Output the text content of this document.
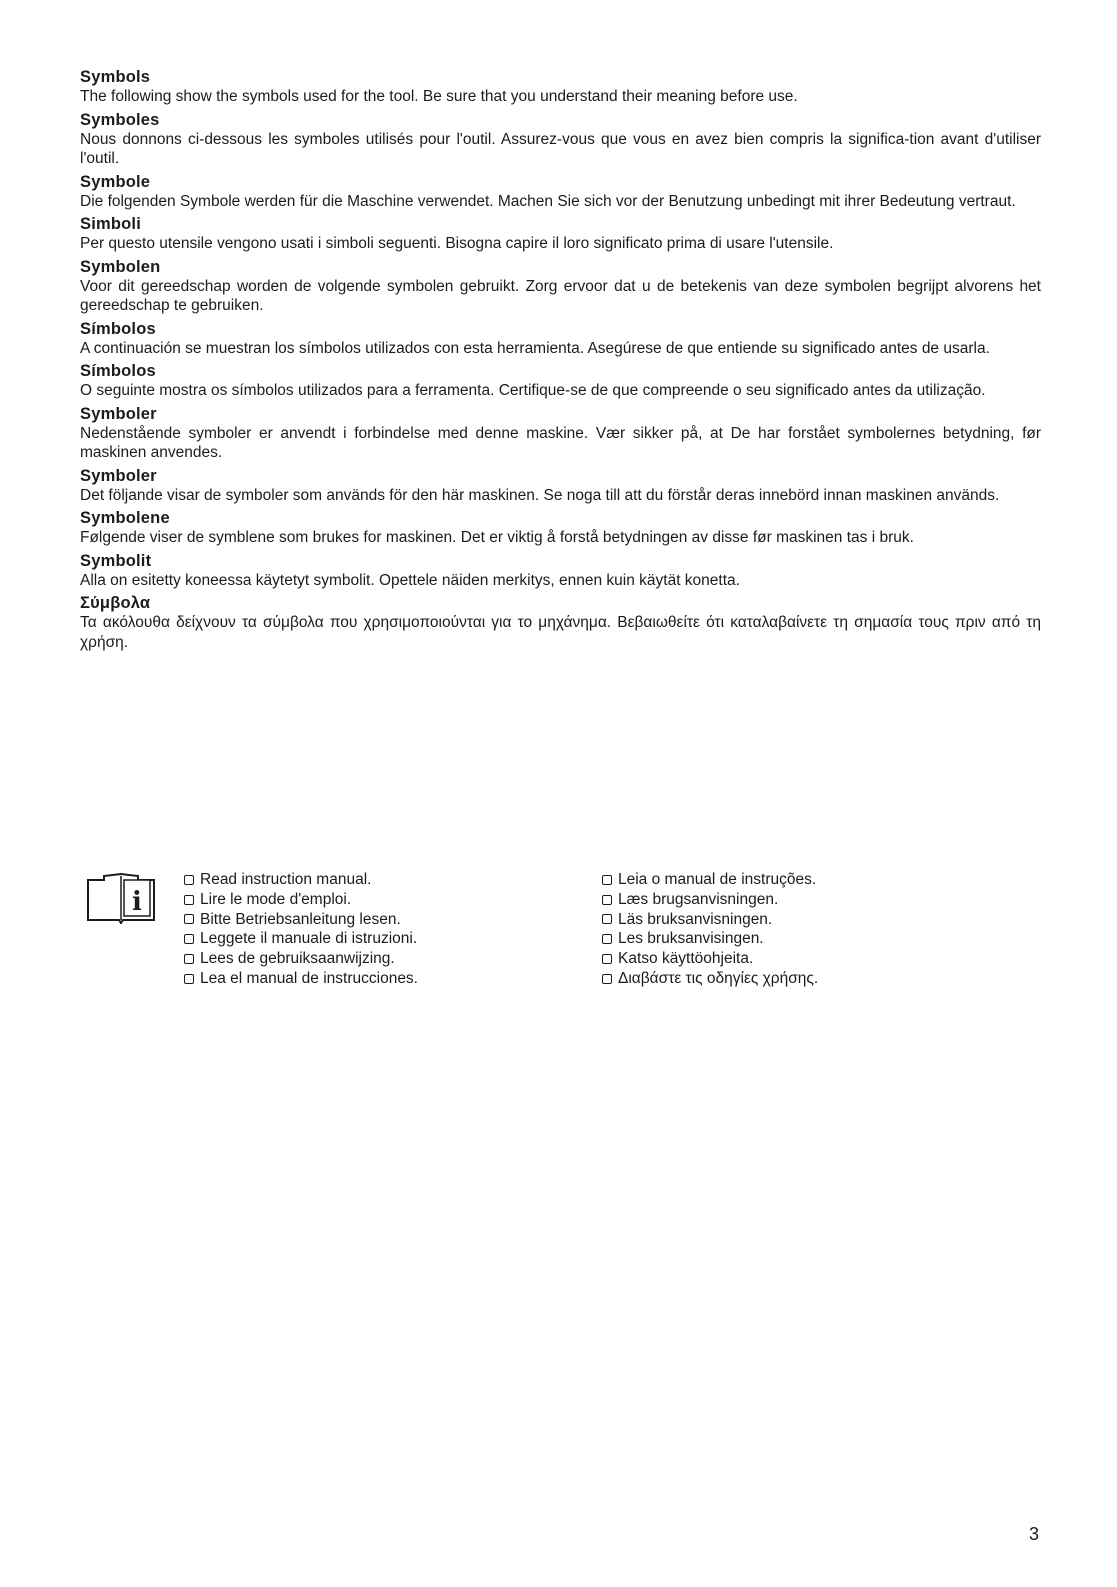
Symbols

The following show the symbols used for the tool. Be sure that you understand their meaning before use.

Symboles

Nous donnons ci-dessous les symboles utilisés pour l'outil. Assurez-vous que vous en avez bien compris la significa-tion avant d'utiliser l'outil.

Symbole

Die folgenden Symbole werden für die Maschine verwendet. Machen Sie sich vor der Benutzung unbedingt mit ihrer Bedeutung vertraut.

Simboli

Per questo utensile vengono usati i simboli seguenti. Bisogna capire il loro significato prima di usare l'utensile.

Symbolen

Voor dit gereedschap worden de volgende symbolen gebruikt. Zorg ervoor dat u de betekenis van deze symbolen begrijpt alvorens het gereedschap te gebruiken.

Símbolos

A continuación se muestran los símbolos utilizados con esta herramienta. Asegúrese de que entiende su significado antes de usarla.

Símbolos

O seguinte mostra os símbolos utilizados para a ferramenta. Certifique-se de que compreende o seu significado antes da utilização.

Symboler

Nedenstående symboler er anvendt i forbindelse med denne maskine. Vær sikker på, at De har forstået symbolernes betydning, før maskinen anvendes.

Symboler

Det följande visar de symboler som används för den här maskinen. Se noga till att du förstår deras innebörd innan maskinen används.

Symbolene

Følgende viser de symblene som brukes for maskinen. Det er viktig å forstå betydningen av disse før maskinen tas i bruk.

Symbolit

Alla on esitetty koneessa käytetyt symbolit. Opettele näiden merkitys, ennen kuin käytät konetta.

Σύμβολα

Τα ακόλουθα δείχνουν τα σύμβολα που χρησιμοποιούνται για το μηχάνημα. Βεβαιωθείτε ότι καταλαβαίνετε τη σημασία τους πριν από τη χρήση.

i
Read instruction manual.
Lire le mode d'emploi.
Bitte Betriebsanleitung lesen.
Leggete il manuale di istruzioni.
Lees de gebruiksaanwijzing.
Lea el manual de instrucciones.
Leia o manual de instruções.
Læs brugsanvisningen.
Läs bruksanvisningen.
Les bruksanvisingen.
Katso käyttöohjeita.
Διαβάστε τις οδηγίες χρήσης.
3
